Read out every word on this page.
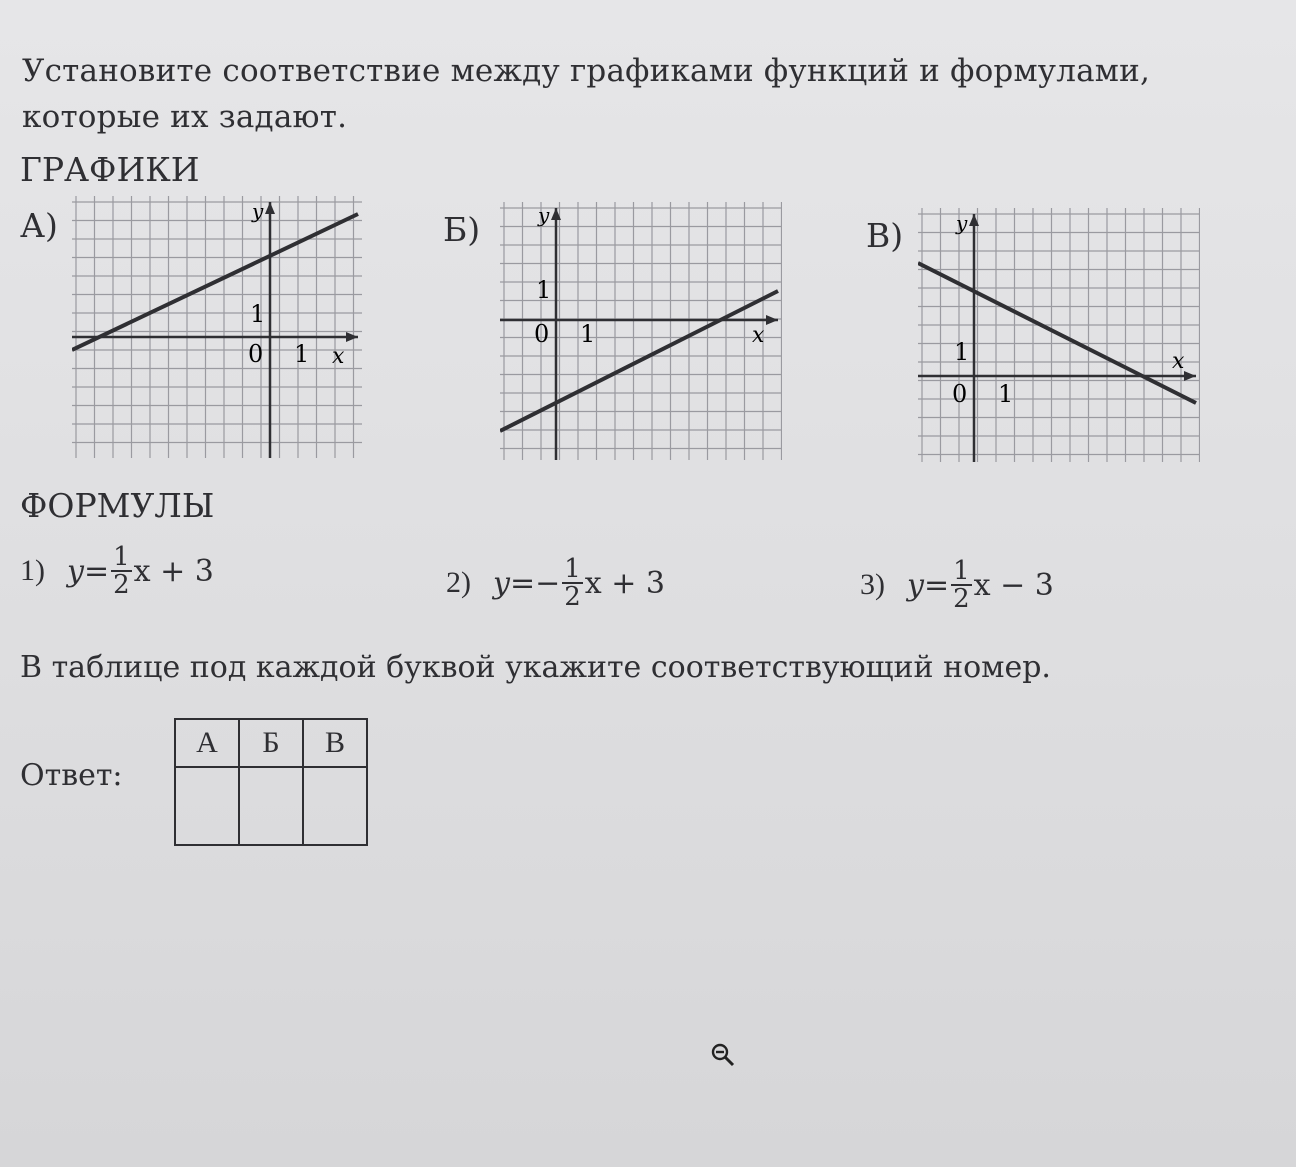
Установите соответствие между графиками функций и формулами, которые их задают.
ГРАФИКИ
А)	Б)	В)
y
x
0 1
1
y
x
0 1
1
y
x
0 1
1
ФОРМУЛЫ
1) $y = \frac{1}{2}$ x + 3	2) y = − $\frac{1}{2}$ x + 3	3) $y = \frac{1}{2}$ x − 3
В таблице под каждой буквой укажите соответствующий номер.
Ответ:
А	Б	В
